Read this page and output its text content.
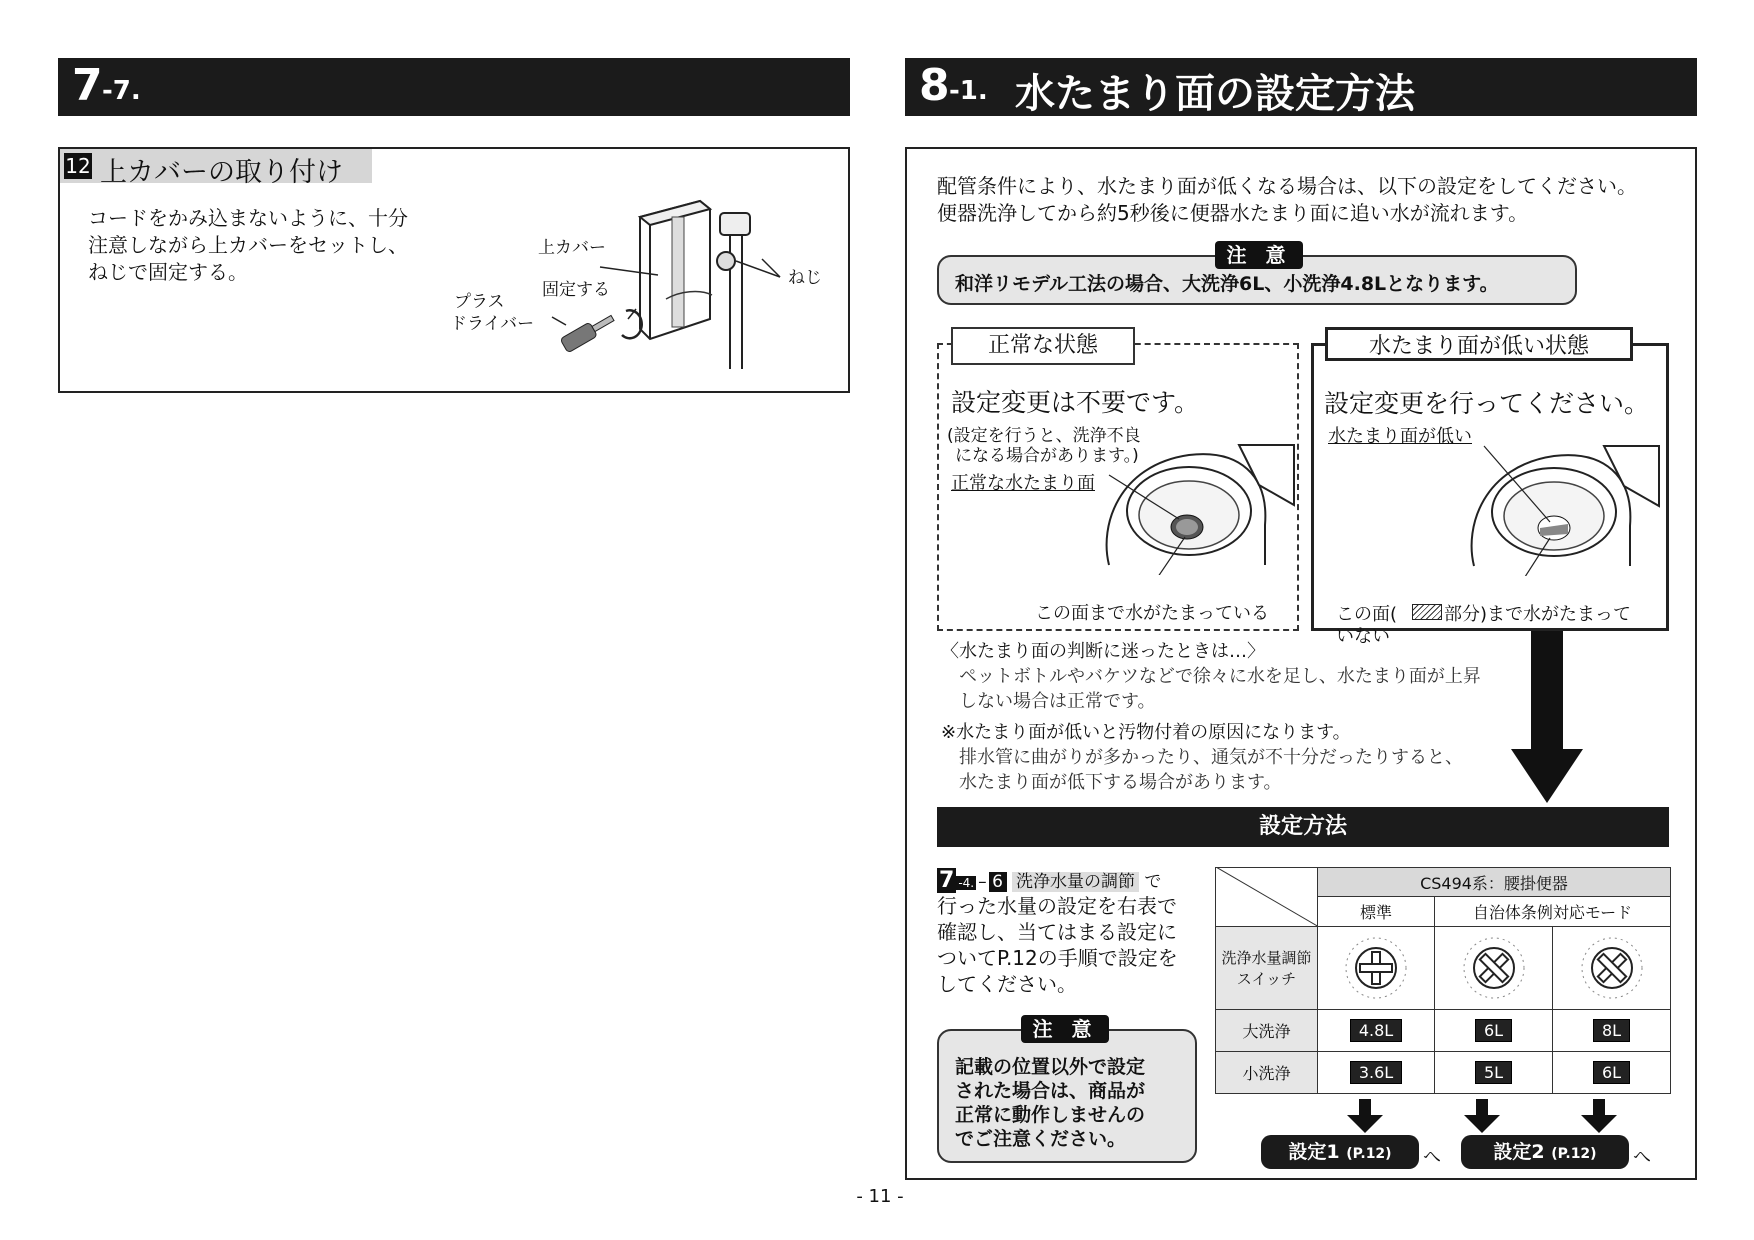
7 -7.
12 上カバーの取り付け
コードをかみ込まないように、十分
注意しながら上カバーをセットし、
ねじで固定する。
上カバー
固定する
ねじ
プラス
ドライバー
8 -1. 水たまり面の設定方法
配管条件により、水たまり面が低くなる場合は、以下の設定をしてください。
便器洗浄してから約5秒後に便器水たまり面に追い水が流れます。
和洋リモデル工法の場合、大洗浄6L、小洗浄4.8Lとなります。
注 意
設定変更は不要です。
(設定を行うと、洗浄不良
になる場合があります。)
正常な水たまり面
この面まで水がたまっている
正常な状態
設定変更を行ってください。
水たまり面が低い
この面(	部分)まで水がたまって
いない
水たまり面が低い状態
〈水たまり面の判断に迷ったときは…〉
ペットボトルやバケツなどで徐々に水を足し、水たまり面が上昇
しない場合は正常です。
※水たまり面が低いと汚物付着の原因になります。
排水管に曲がりが多かったり、通気が不十分だったりすると、
水たまり面が低下する場合があります。
設定方法
7 -4. – 6 洗浄水量の調節 で
行った水量の設定を右表で
確認し、当てはまる設定に
ついてP.12の手順で設定を
してください。
記載の位置以外で設定
された場合は、商品が
正常に動作しませんの
でご注意ください。
注 意
CS494系：腰掛便器
標準	自治体条例対応モード
洗浄水量調節
スイッチ
大洗浄	4.8L	6L	8L
小洗浄	3.6L	5L	6L
設定1 (P.12)	へ	設定2 (P.12)	へ
- 11 -
